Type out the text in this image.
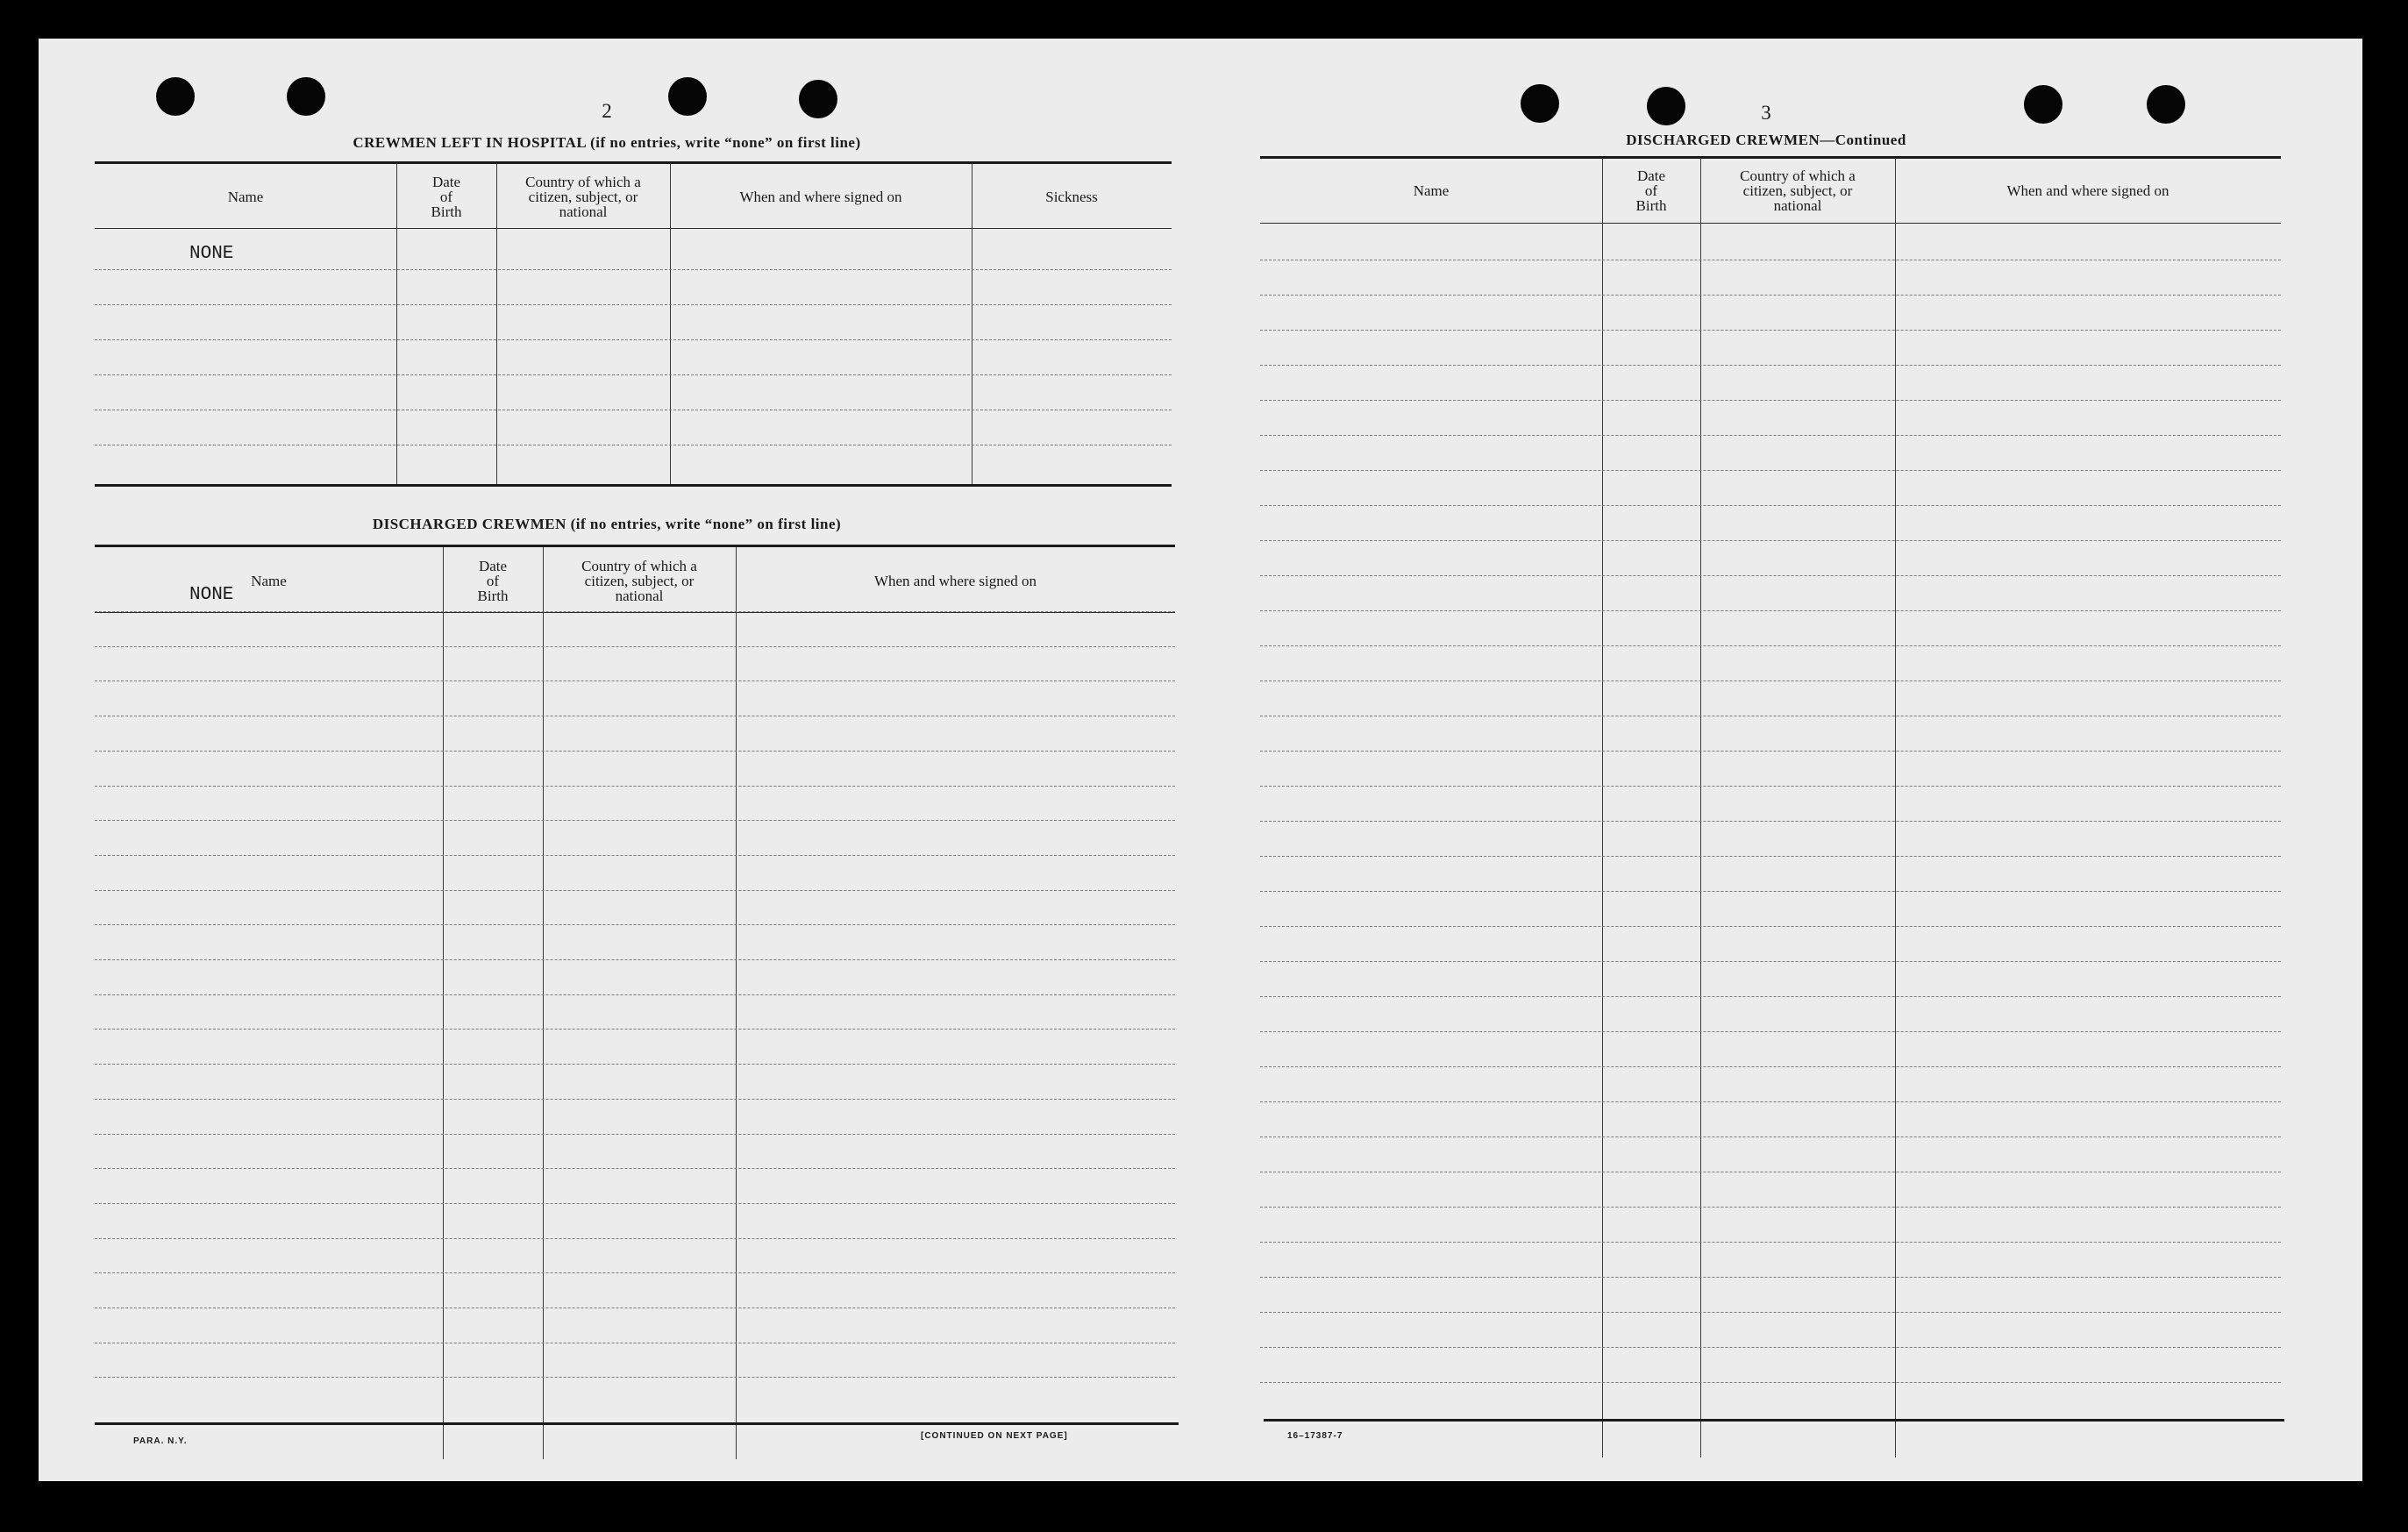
2
CREWMEN LEFT IN HOSPITAL (if no entries, write “none” on first line)
Name
Date
of
Birth
Country of which a
citizen, subject, or
national
When and where signed on	Sickness
NONE
DISCHARGED CREWMEN (if no entries, write “none” on first line)
Name
Date
of
Birth
Country of which a
citizen, subject, or
national
When and where signed on
NONE
PARA. N.Y.
[CONTINUED ON NEXT PAGE]
3
DISCHARGED CREWMEN—Continued
Name
Date
of
Birth
Country of which a
citizen, subject, or
national
When and where signed on
16–17387-7
